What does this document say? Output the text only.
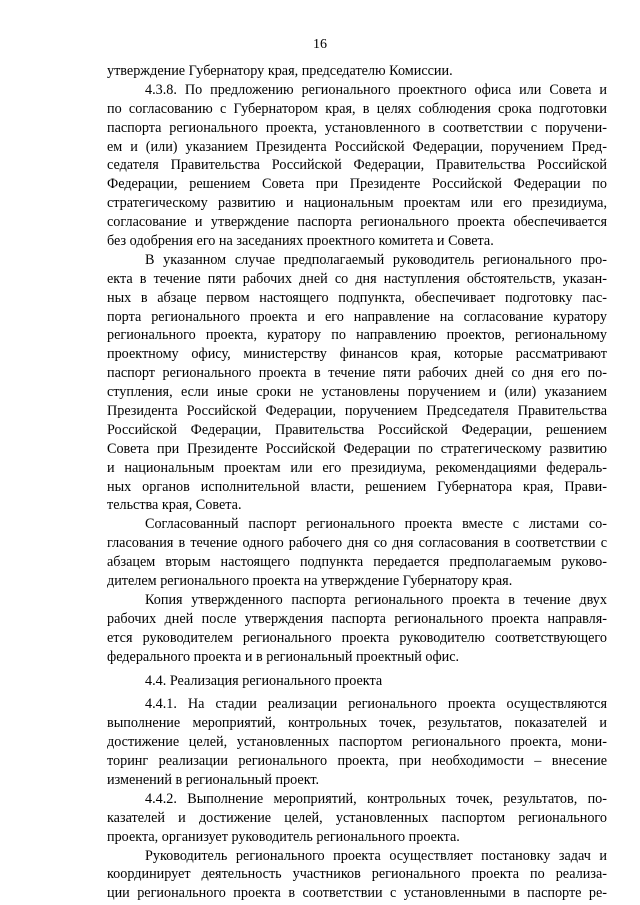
16
утверждение Губернатору края, председателю Комиссии.
4.3.8. По предложению регионального проектного офиса или Совета и
по согласованию с Губернатором края, в целях соблюдения срока подготовки
паспорта регионального проекта, установленного в соответствии с поручени-
ем и (или) указанием Президента Российской Федерации, поручением Пред-
седателя Правительства Российской Федерации, Правительства Российской
Федерации, решением Совета при Президенте Российской Федерации по
стратегическому развитию и национальным проектам или его президиума,
согласование и утверждение паспорта регионального проекта обеспечивается
без одобрения его на заседаниях проектного комитета и Совета.
В указанном случае предполагаемый руководитель регионального про-
екта в течение пяти рабочих дней со дня наступления обстоятельств, указан-
ных в абзаце первом настоящего подпункта, обеспечивает подготовку пас-
порта регионального проекта и его направление на согласование куратору
регионального проекта, куратору по направлению проектов, региональному
проектному офису, министерству финансов края, которые рассматривают
паспорт регионального проекта в течение пяти рабочих дней со дня его по-
ступления, если иные сроки не установлены поручением и (или) указанием
Президента Российской Федерации, поручением Председателя Правительства
Российской Федерации, Правительства Российской Федерации, решением
Совета при Президенте Российской Федерации по стратегическому развитию
и национальным проектам или его президиума, рекомендациями федераль-
ных органов исполнительной власти, решением Губернатора края, Прави-
тельства края, Совета.
Согласованный паспорт регионального проекта вместе с листами со-
гласования в течение одного рабочего дня со дня согласования в соответствии с
абзацем вторым настоящего подпункта передается предполагаемым руково-
дителем регионального проекта на утверждение Губернатору края.
Копия утвержденного паспорта регионального проекта в течение двух
рабочих дней после утверждения паспорта регионального проекта направля-
ется руководителем регионального проекта руководителю соответствующего
федерального проекта и в региональный проектный офис.
4.4. Реализация регионального проекта
4.4.1. На стадии реализации регионального проекта осуществляются
выполнение мероприятий, контрольных точек, результатов, показателей и
достижение целей, установленных паспортом регионального проекта, мони-
торинг реализации регионального проекта, при необходимости – внесение
изменений в региональный проект.
4.4.2. Выполнение мероприятий, контрольных точек, результатов, по-
казателей и достижение целей, установленных паспортом регионального
проекта, организует руководитель регионального проекта.
Руководитель регионального проекта осуществляет постановку задач и
координирует деятельность участников регионального проекта по реализа-
ции регионального проекта в соответствии с установленными в паспорте ре-
